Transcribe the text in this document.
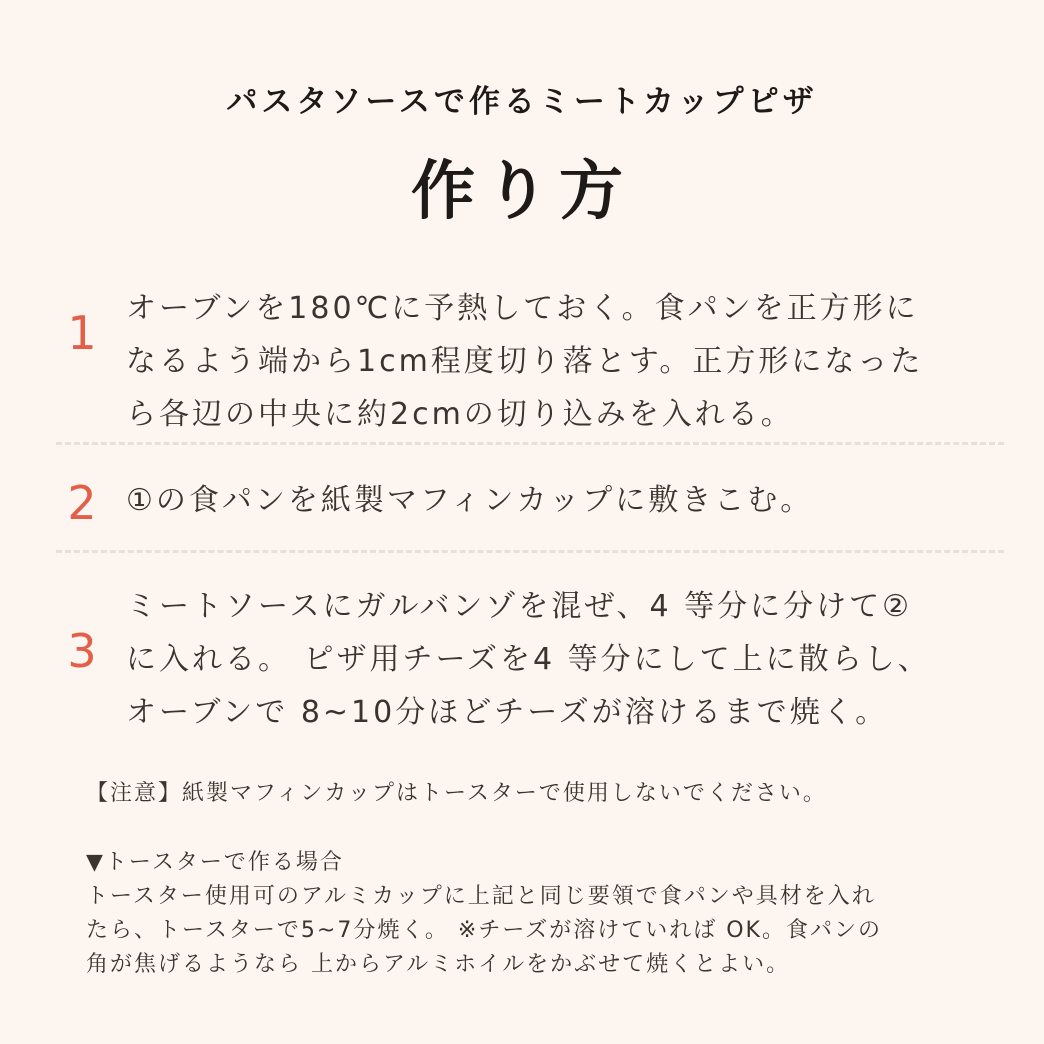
パスタソースで作るミートカップピザ
作り方
1 オーブンを180℃に予熱しておく。食パンを正方形に
なるよう端から1cm程度切り落とす。正方形になった
ら各辺の中央に約2cmの切り込みを入れる。
2 ①の食パンを紙製マフィンカップに敷きこむ。
3
ミートソースにガルバンゾを混ぜ、4 等分に分けて②
に入れる。 ピザ用チーズを4 等分にして上に散らし、
オーブンで 8~10分ほどチーズが溶けるまで焼く。
【注意】紙製マフィンカップはトースターで使用しないでください。
▼トースターで作る場合
トースター使用可のアルミカップに上記と同じ要領で食パンや具材を入れ
たら、トースターで5~7分焼く。 ※チーズが溶けていれば OK。食パンの
角が焦げるようなら 上からアルミホイルをかぶせて焼くとよい。
